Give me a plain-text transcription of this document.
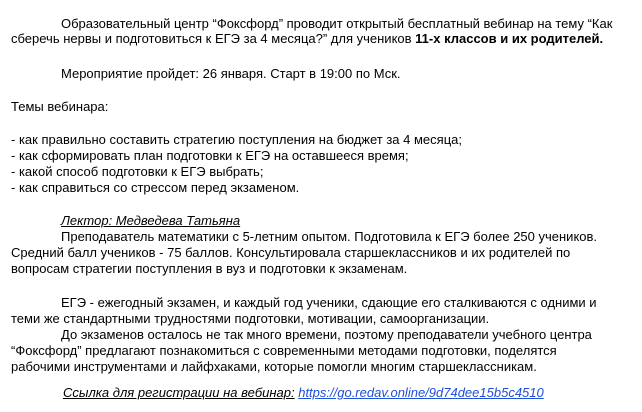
Образовательный центр “Фоксфорд” проводит открытый бесплатный вебинар на тему “Как
сберечь нервы и подготовиться к ЕГЭ за 4 месяца?” для учеников 11-х классов и их родителей.
Мероприятие пройдет: 26 января. Старт в 19:00 по Мск.
Темы вебинара:
- как правильно составить стратегию поступления на бюджет за 4 месяца;
- как сформировать план подготовки к ЕГЭ на оставшееся время;
- какой способ подготовки к ЕГЭ выбрать;
- как справиться со стрессом перед экзаменом.
Лектор: Медведева Татьяна
Преподаватель математики с 5-летним опытом. Подготовила к ЕГЭ более 250 учеников.
Средний балл учеников - 75 баллов. Консультировала старшеклассников и их родителей по
вопросам стратегии поступления в вуз и подготовки к экзаменам.
ЕГЭ - ежегодный экзамен, и каждый год ученики, сдающие его сталкиваются с одними и
теми же стандартными трудностями подготовки, мотивации, самоорганизации.
До экзаменов осталось не так много времени, поэтому преподаватели учебного центра
“Фоксфорд” предлагают познакомиться с современными методами подготовки, поделятся
рабочими инструментами и лайфхаками, которые помогли многим старшеклассникам.
Ссылка для регистрации на вебинар: https://go.redav.online/9d74dee15b5c4510
